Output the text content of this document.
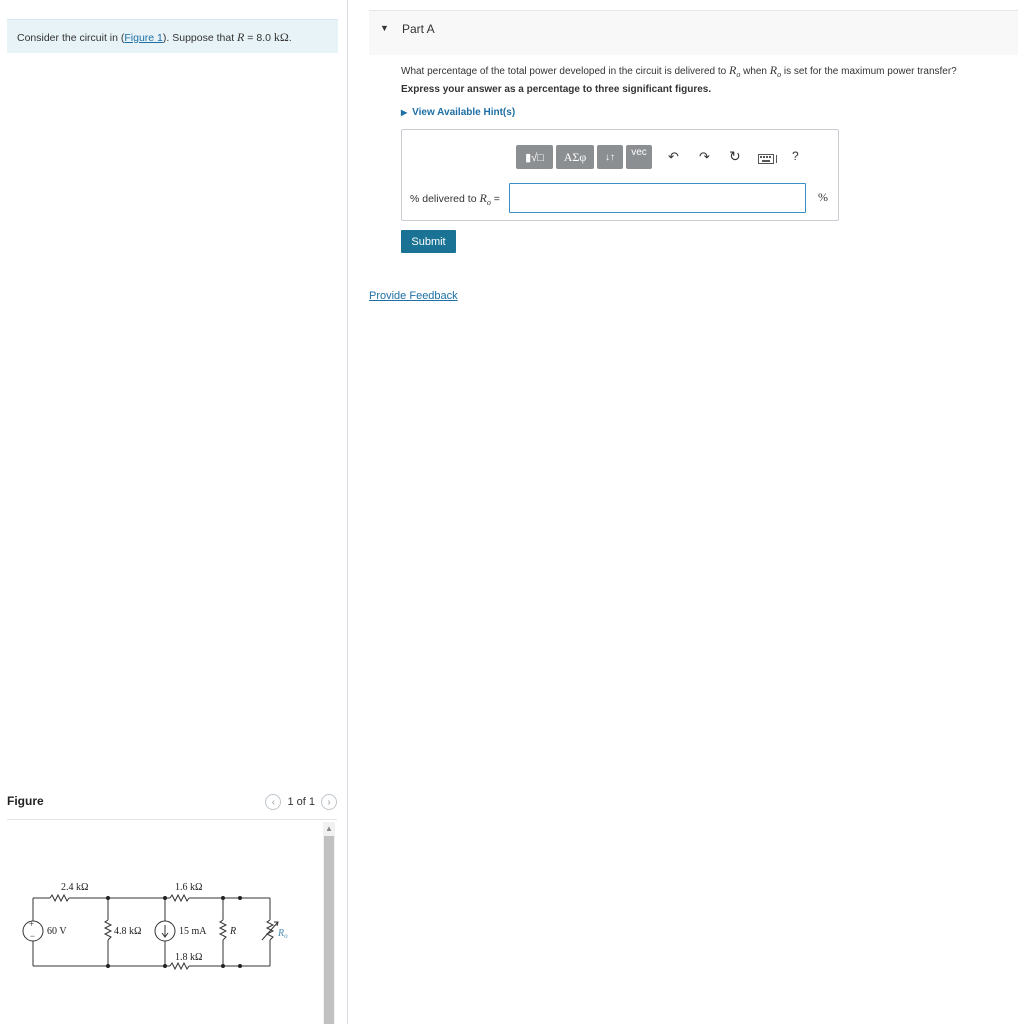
Consider the circuit in (Figure 1). Suppose that R = 8.0 kΩ.
Figure	‹	1 of 1	›
+
−
2.4 kΩ	1.6 kΩ
60 V	4.8 kΩ	15 mA R
1.8 kΩ
$R_o$
▲
▼ Part A
What percentage of the total power developed in the circuit is delivered to $R_o$ when $R_o$ is set for the maximum power transfer?
Express your answer as a percentage to three significant figures.
▶ View Available Hint(s)
▮√□	ΑΣφ	↓↑	vec	↶ ↷ ↻	?
% delivered to $R_o$ =	%
Submit
Provide Feedback
